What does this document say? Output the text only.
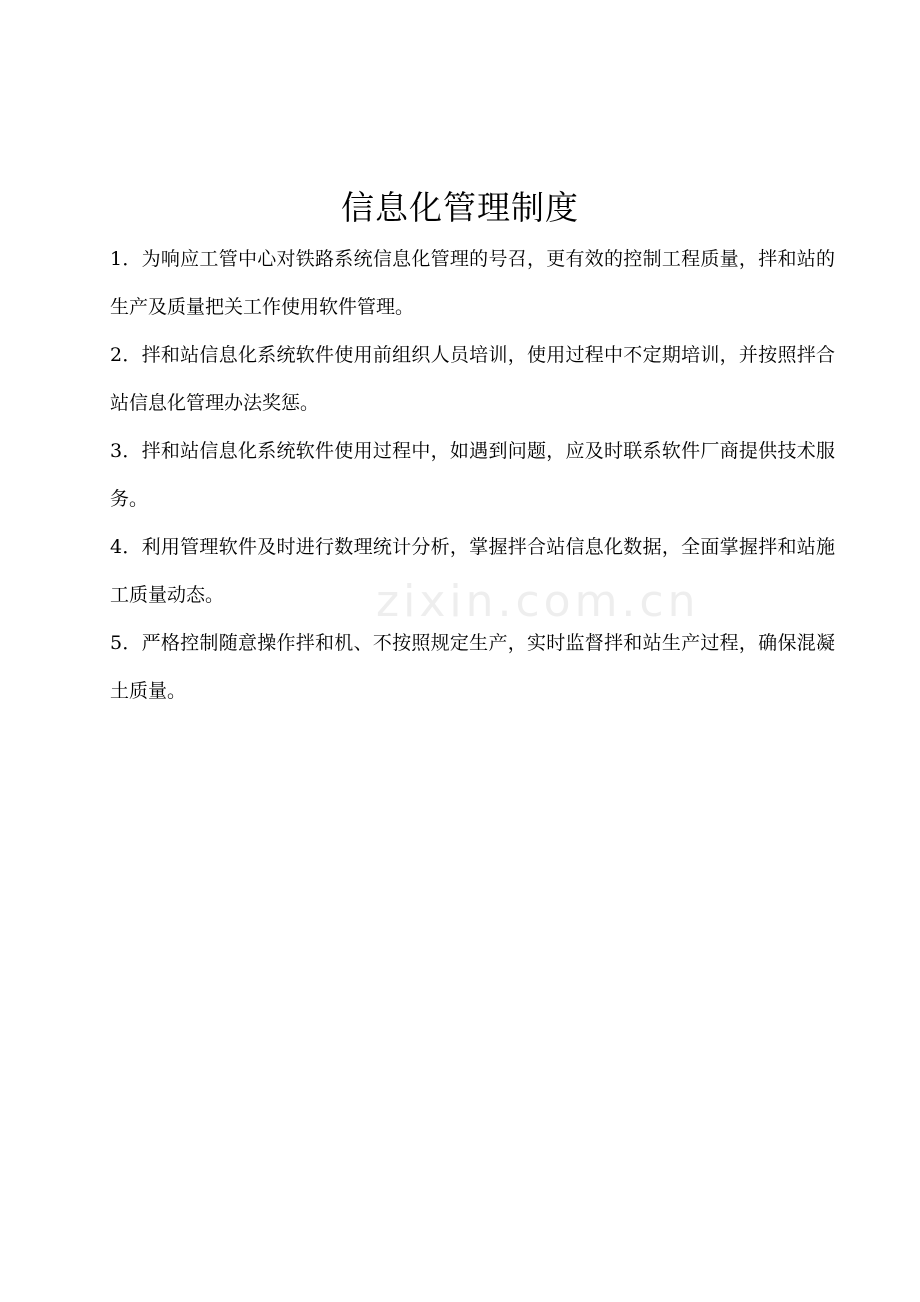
信息化管理制度

1．为响应工管中心对铁路系统信息化管理的号召，更有效的控制工程质量，拌和站的生产及质量把关工作使用软件管理。

2．拌和站信息化系统软件使用前组织人员培训，使用过程中不定期培训，并按照拌合站信息化管理办法奖惩。

3．拌和站信息化系统软件使用过程中，如遇到问题，应及时联系软件厂商提供技术服务。

4．利用管理软件及时进行数理统计分析，掌握拌合站信息化数据，全面掌握拌和站施工质量动态。

5．严格控制随意操作拌和机、不按照规定生产，实时监督拌和站生产过程，确保混凝土质量。

zixin.com.cn
